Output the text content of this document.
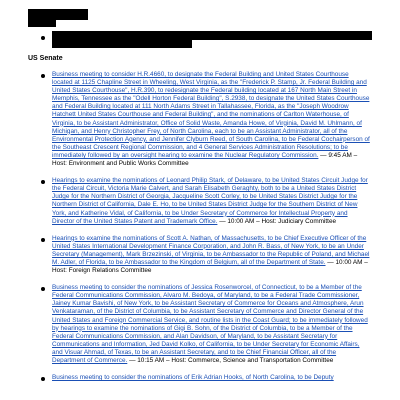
US Senate
Business meeting to consider H.R.4660, to designate the Federal Building and United States Courthouse located at 1125 Chapline Street in Wheeling, West Virginia, as the "Frederick P. Stamp, Jr. Federal Building and United States Courthouse", H.R.390, to redesignate the Federal building located at 167 North Main Street in Memphis, Tennessee as the "Odell Horton Federal Building", S.2938, to designate the United States Courthouse and Federal Building located at 111 North Adams Street in Tallahassee, Florida, as the "Joseph Woodrow Hatchett United States Courthouse and Federal Building", and the nominations of Carlton Waterhouse, of Virginia, to be Assistant Administrator, Office of Solid Waste, Amanda Howe, of Virginia, David M. Uhlmann, of Michigan, and Henry Christopher Frey, of North Carolina, each to be an Assistant Administrator, all of the Environmental Protection Agency, and Jennifer Clyburn Reed, of South Carolina, to be Federal Cochairperson of the Southeast Crescent Regional Commission, and 4 General Services Administration Resolutions; to be immediately followed by an oversight hearing to examine the Nuclear Regulatory Commission. — 9:45 AM – Host: Environment and Public Works Committee
Hearings to examine the nominations of Leonard Philip Stark, of Delaware, to be United States Circuit Judge for the Federal Circuit, Victoria Marie Calvert, and Sarah Elisabeth Geraghty, both to be a United States District Judge for the Northern District of Georgia, Jacqueline Scott Corley, to be United States District Judge for the Northern District of California, Dale E. Ho, to be United States District Judge for the Southern District of New York, and Katherine Vidal, of California, to be Under Secretary of Commerce for Intellectual Property and Director of the United States Patent and Trademark Office. — 10:00 AM – Host: Judiciary Committee
Hearings to examine the nominations of Scott A. Nathan, of Massachusetts, to be Chief Executive Officer of the United States International Development Finance Corporation, and John R. Bass, of New York, to be an Under Secretary (Management), Mark Brzezinski, of Virginia, to be Ambassador to the Republic of Poland, and Michael M. Adler, of Florida, to be Ambassador to the Kingdom of Belgium, all of the Department of State. — 10:00 AM – Host: Foreign Relations Committee
Business meeting to consider the nominations of Jessica Rosenworcel, of Connecticut, to be a Member of the Federal Communications Commission, Alvaro M. Bedoya, of Maryland, to be a Federal Trade Commissioner, Jainey Kumar Bavishi, of New York, to be Assistant Secretary of Commerce for Oceans and Atmosphere, Arun Venkataraman, of the District of Columbia, to be Assistant Secretary of Commerce and Director General of the United States and Foreign Commercial Service, and routine lists in the Coast Guard; to be immediately followed by hearings to examine the nominations of Gigi B. Sohn, of the District of Columbia, to be a Member of the Federal Communications Commission, and Alan Davidson, of Maryland, to be Assistant Secretary for Communications and Information, Jed David Kolko, of California, to be Under Secretary for Economic Affairs, and Visuar Ahmad, of Texas, to be an Assistant Secretary, and to be Chief Financial Officer, all of the Department of Commerce. — 10:15 AM – Host: Commerce, Science and Transportation Committee
Business meeting to consider the nominations of Erik Adrian Hooks, of North Carolina, to be Deputy
